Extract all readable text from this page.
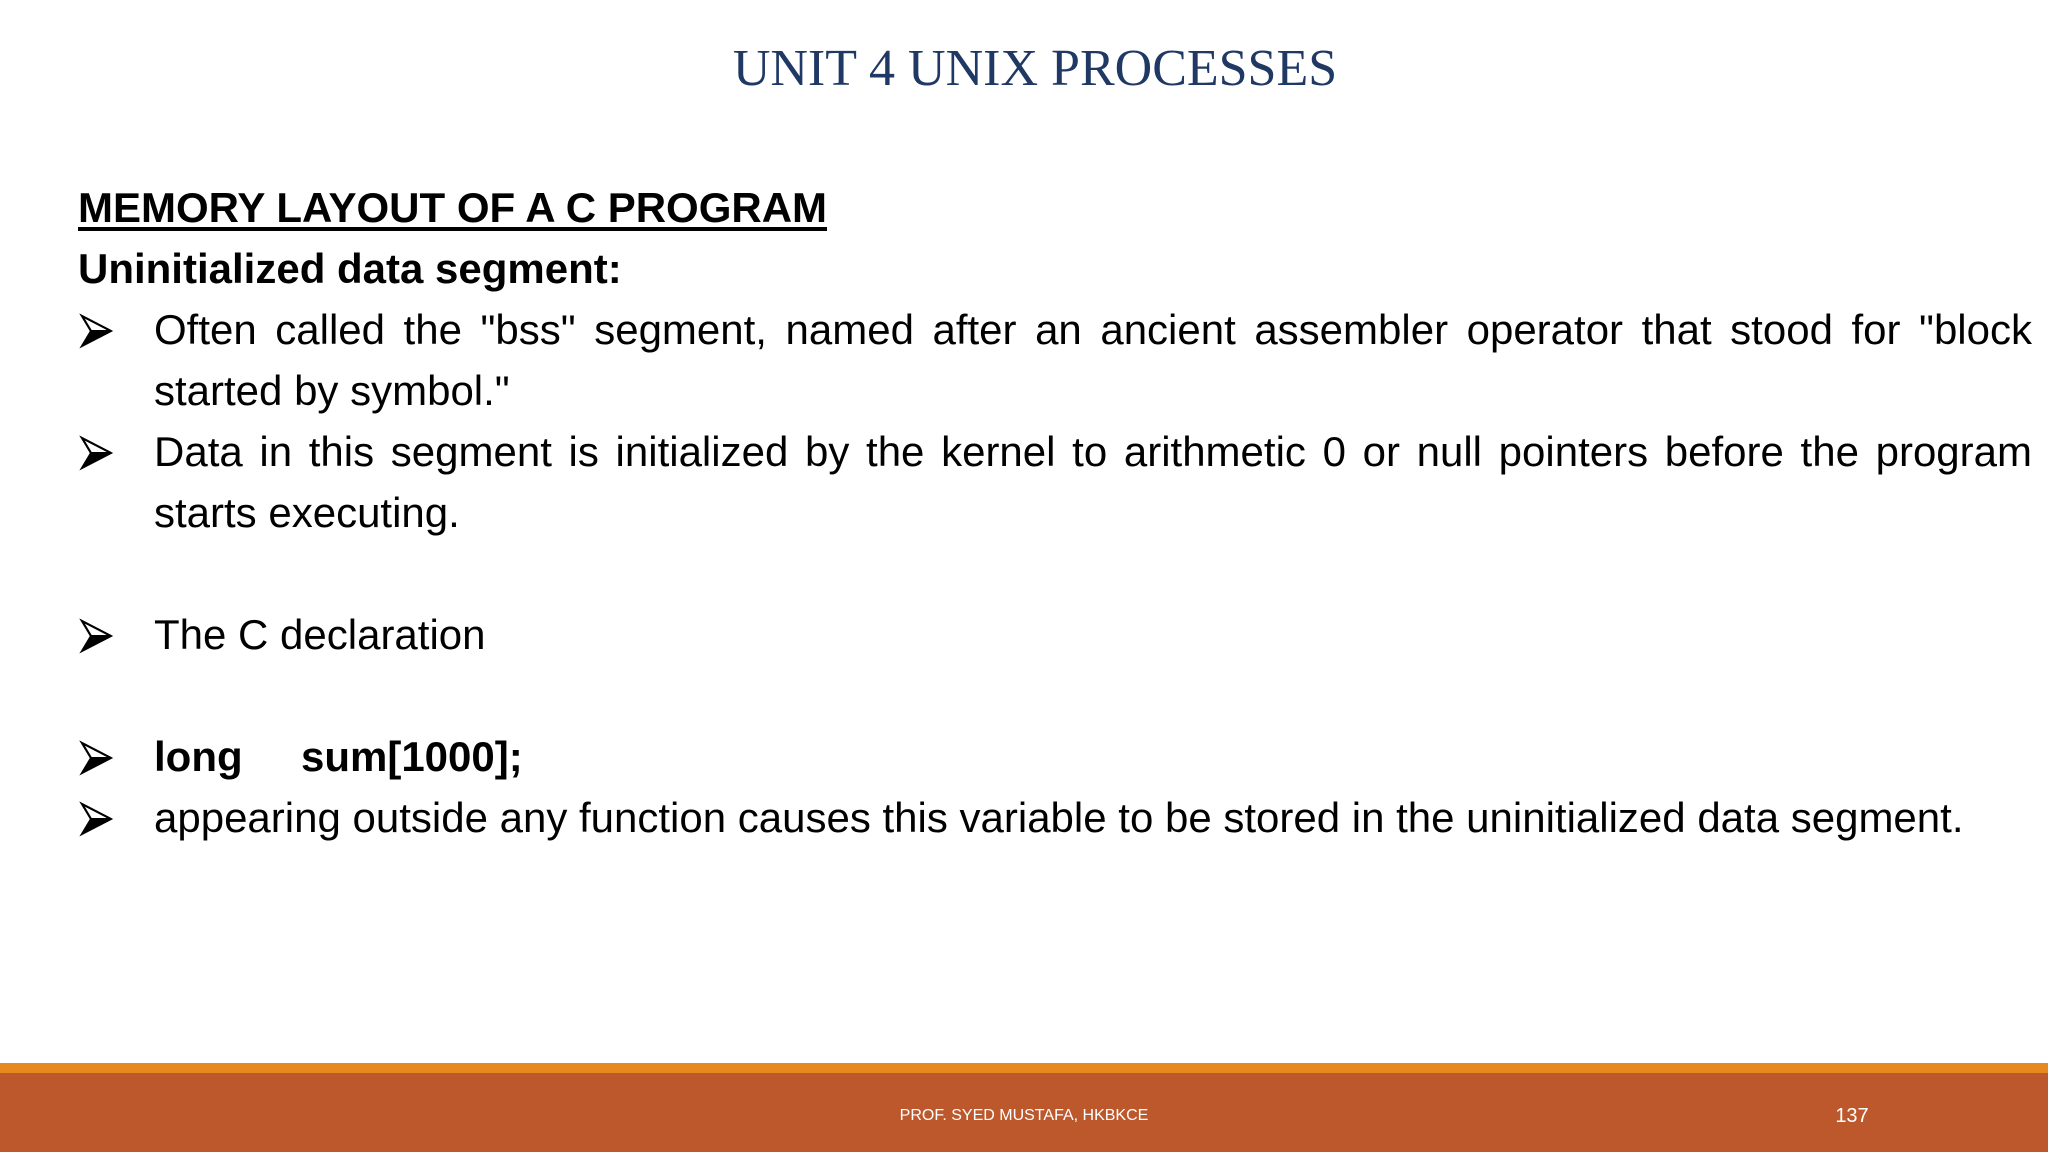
UNIT 4 UNIX PROCESSES
MEMORY LAYOUT OF A C PROGRAM
Uninitialized data segment:
Often called the "bss" segment, named after an ancient assembler operator that stood for "block started by symbol."
Data in this segment is initialized by the kernel to arithmetic 0 or null pointers before the program starts executing.
The C declaration
long     sum[1000];
appearing outside any function causes this variable to be stored in the uninitialized data segment.
PROF. SYED MUSTAFA, HKBKCE	137
